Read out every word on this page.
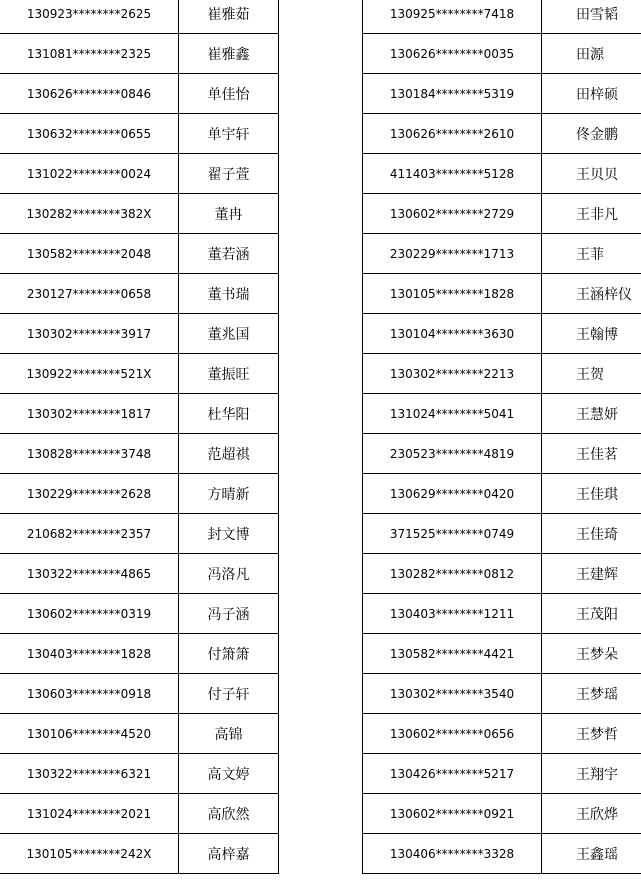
130923********2625	崔雅茹
131081********2325	崔雅鑫
130626********0846	单佳怡
130632********0655	单宇轩
131022********0024	翟子萱
130282********382X	董冉
130582********2048	董若涵
230127********0658	董书瑞
130302********3917	董兆国
130922********521X	董振旺
130302********1817	杜华阳
130828********3748	范超祺
130229********2628	方晴新
210682********2357	封文博
130322********4865	冯洛凡
130602********0319	冯子涵
130403********1828	付箫箫
130603********0918	付子轩
130106********4520	高锦
130322********6321	高文婷
131024********2021	高欣然
130105********242X	高梓嘉
130925********7418	田雪韬
130626********0035	田源
130184********5319	田梓硕
130626********2610	佟金鹏
411403********5128	王贝贝
130602********2729	王非凡
230229********1713	王菲
130105********1828	王涵梓仪
130104********3630	王翰博
130302********2213	王贺
131024********5041	王慧妍
230523********4819	王佳茗
130629********0420	王佳琪
371525********0749	王佳琦
130282********0812	王建辉
130403********1211	王茂阳
130582********4421	王梦朵
130302********3540	王梦瑶
130602********0656	王梦哲
130426********5217	王翔宇
130602********0921	王欣烨
130406********3328	王鑫瑶
